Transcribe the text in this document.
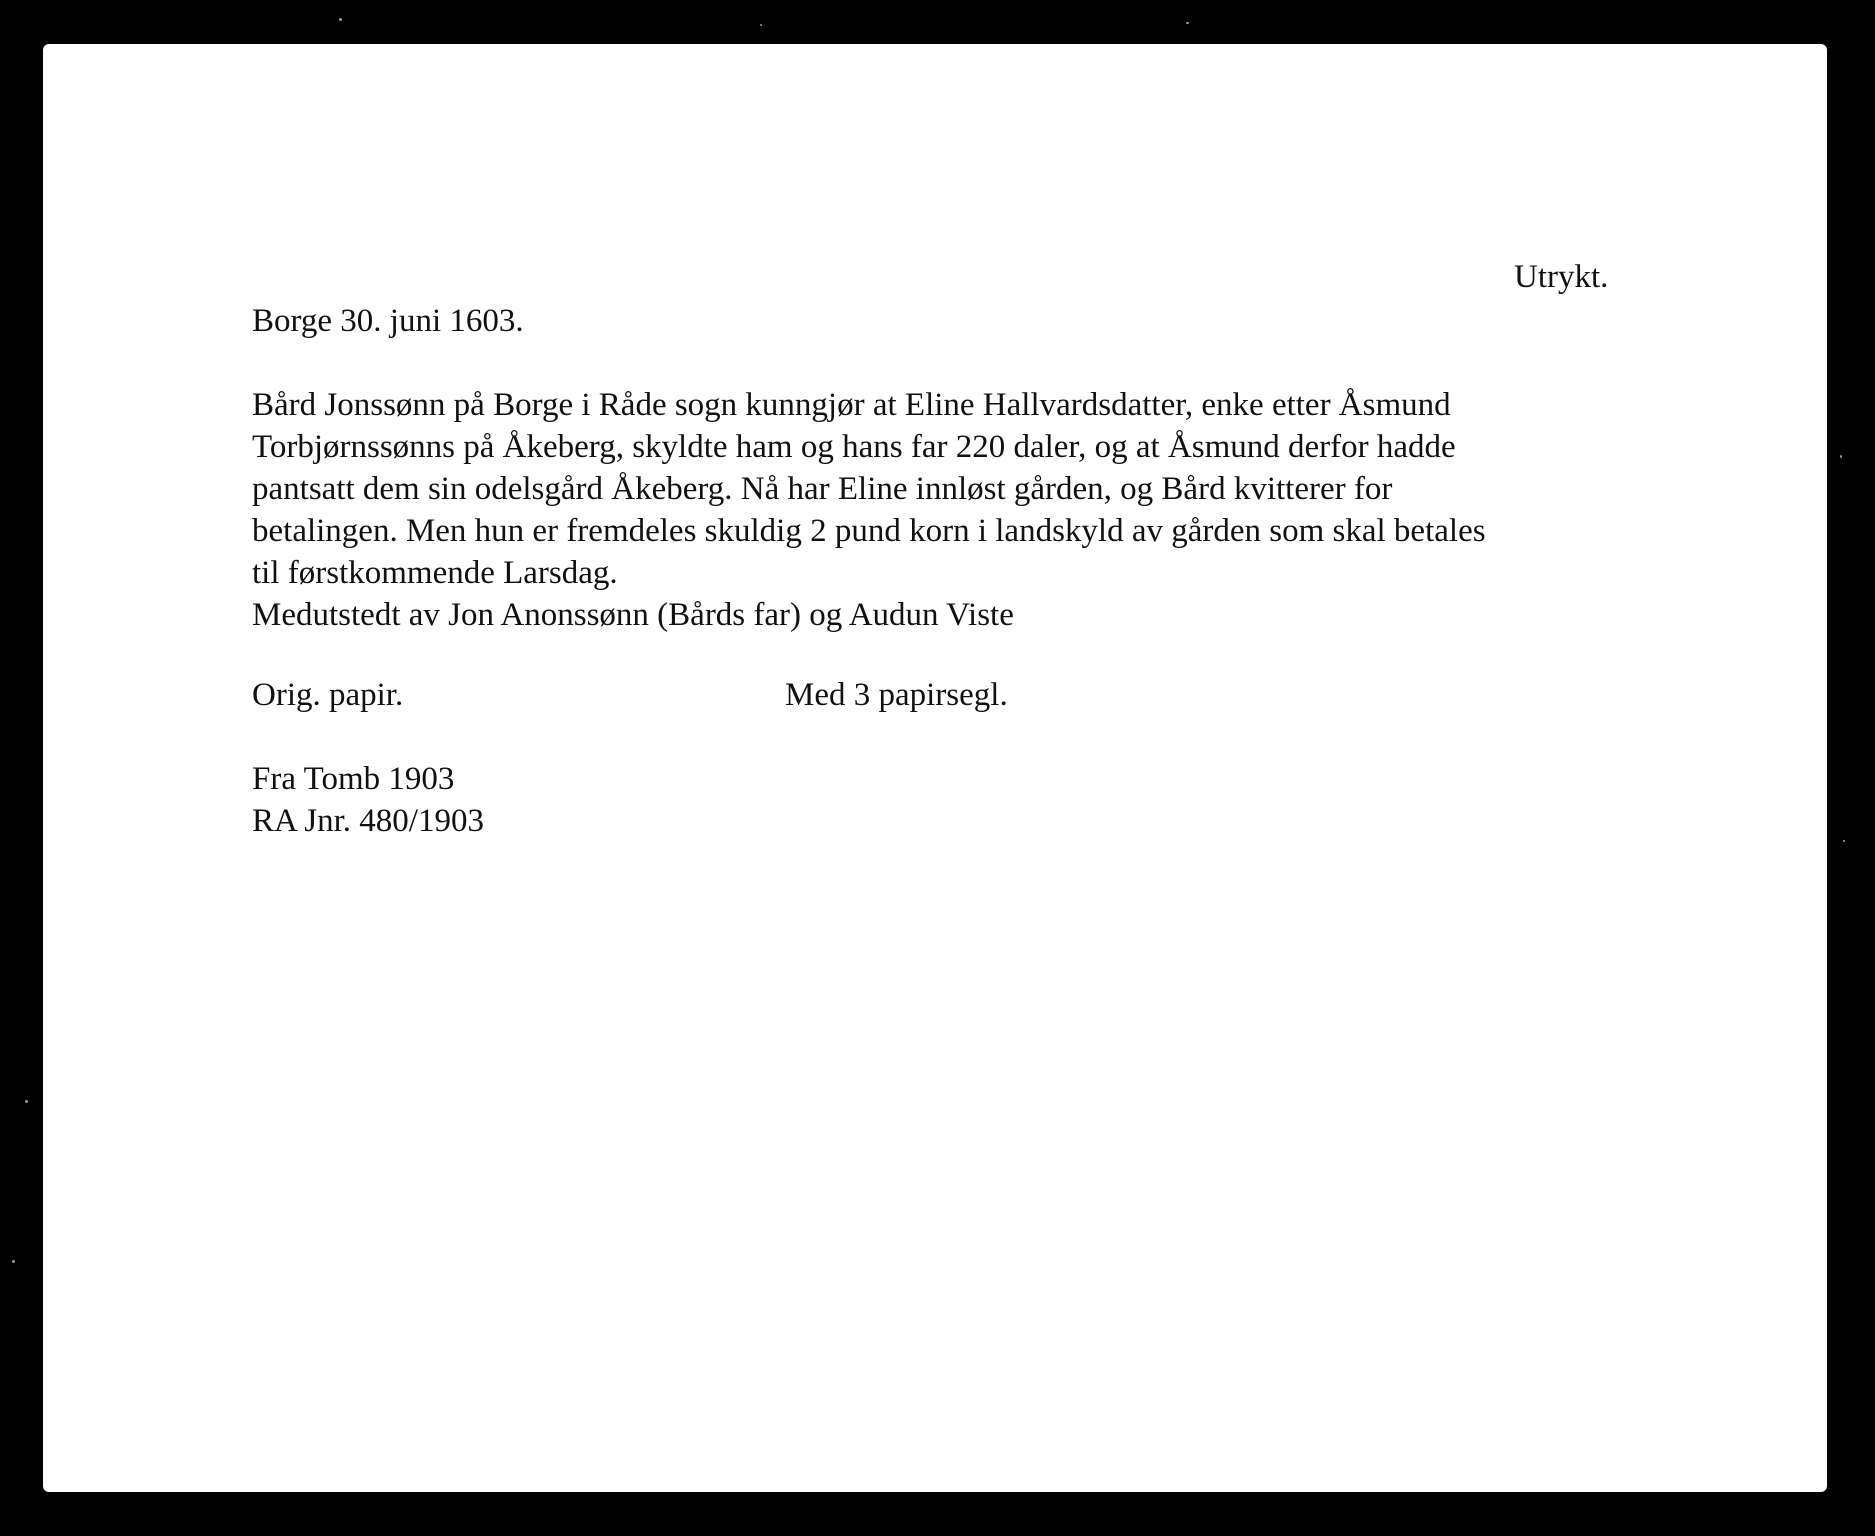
Utrykt.

Borge 30. juni 1603.

Bård Jonssønn på Borge i Råde sogn kunngjør at Eline Hallvardsdatter, enke etter Åsmund
Torbjørnssønns på Åkeberg, skyldte ham og hans far 220 daler, og at Åsmund derfor hadde
pantsatt dem sin odelsgård Åkeberg. Nå har Eline innløst gården, og Bård kvitterer for
betalingen. Men hun er fremdeles skuldig 2 pund korn i landskyld av gården som skal betales
til førstkommende Larsdag.
Medutstedt av Jon Anonssønn (Bårds far) og Audun Viste

Orig. papir.	Med 3 papirsegl.

Fra Tomb 1903
RA Jnr. 480/1903
